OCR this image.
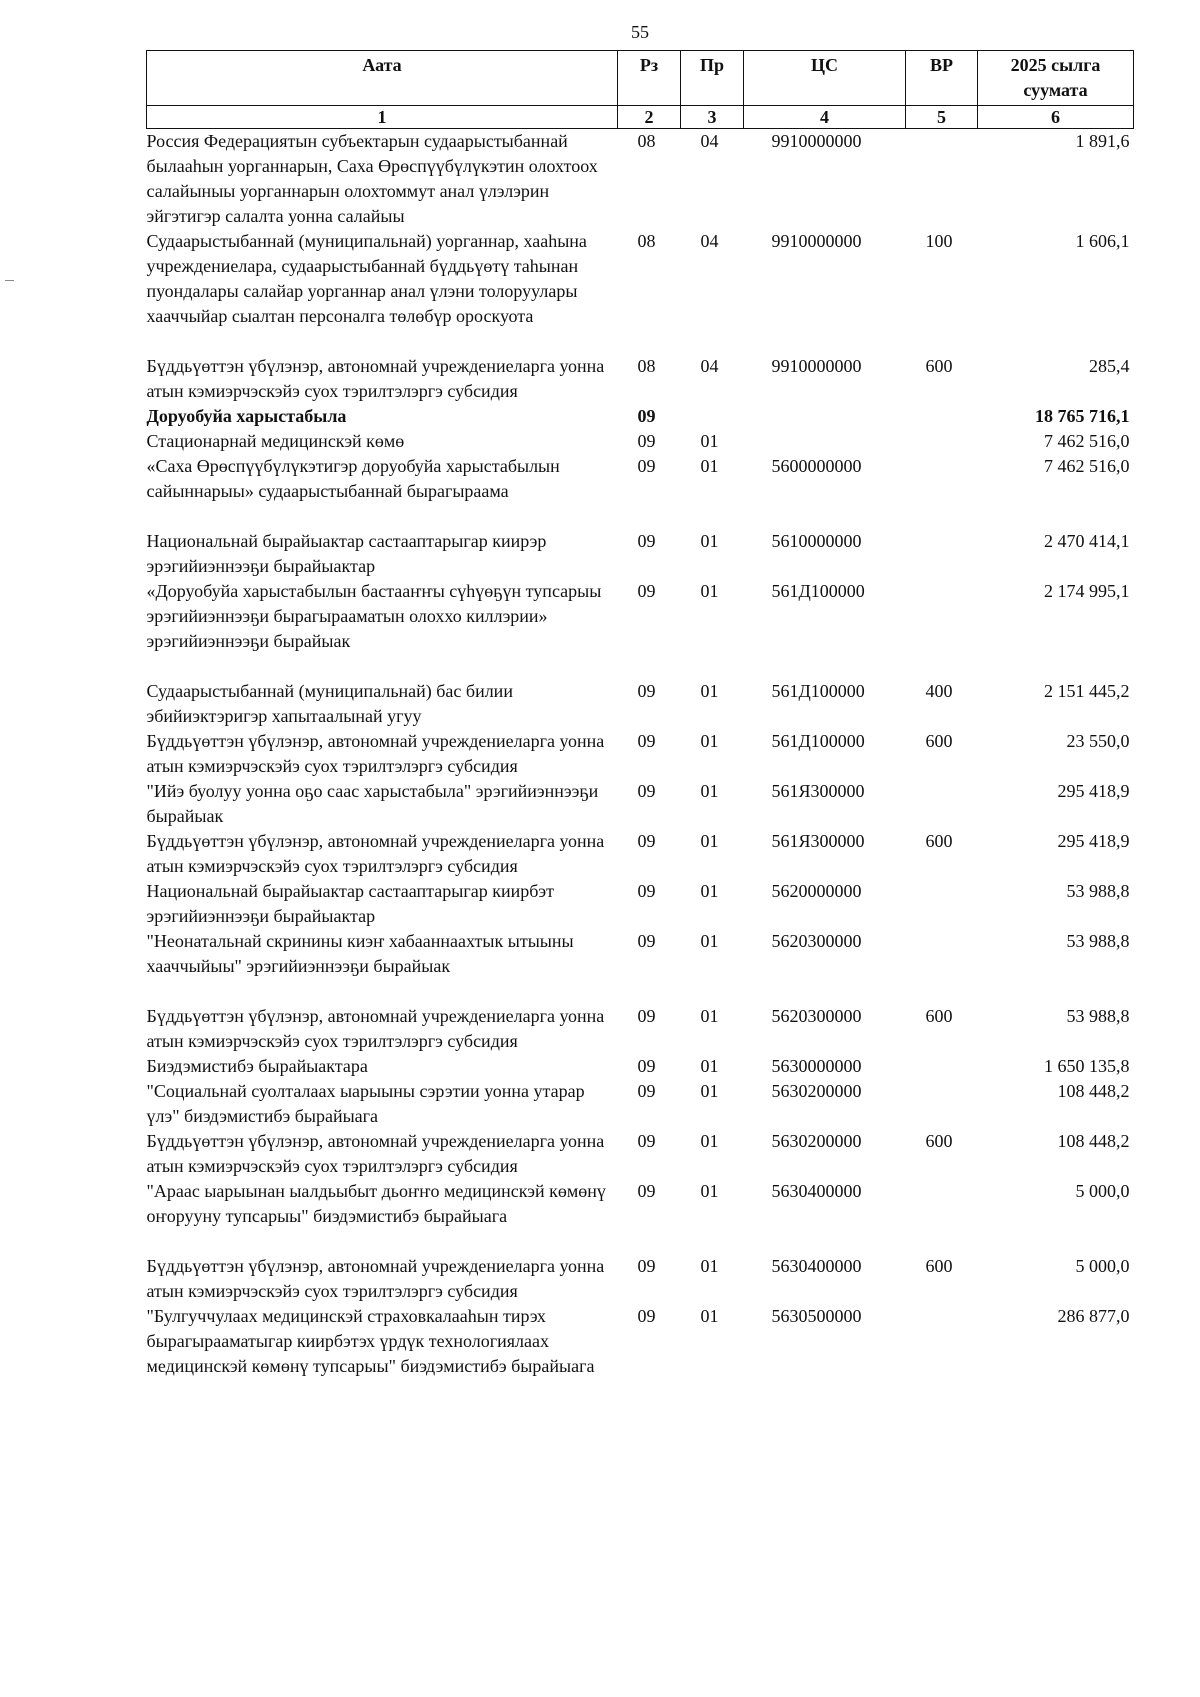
55
Аата	Рз	Пр	ЦС	ВР	2025 сылга суумата
1	2	3	4	5	6
Россия Федерациятын субъектарын судаарыстыбаннай былааһын уорганнарын, Саха Өрөспүүбүлүкэтин олохтоох салайыныы уорганнарын олохтоммут анал үлэлэрин эйгэтигэр салалта уонна салайыы	08	04	9910000000		1 891,6
Судаарыстыбаннай (муниципальнай) уорганнар, хааһына учреждениелара, судаарыстыбаннай бүддьүөтү таһынан пуондалары салайар уорганнар анал үлэни толоруулары хааччыйар сыалтан персоналга төлөбүр ороскуота	08	04	9910000000	100	1 606,1
Бүддьүөттэн үбүлэнэр, автономнай учреждениеларга уонна атын кэмиэрчэскэйэ суох тэрилтэлэргэ субсидия	08	04	9910000000	600	285,4
Доруобуйа харыстабыла	09				18 765 716,1
Стационарнай медицинскэй көмө	09	01			7 462 516,0
«Саха Өрөспүүбүлүкэтигэр доруобуйа харыстабылын сайыннарыы» судаарыстыбаннай бырагыраама	09	01	5600000000		7 462 516,0
Национальнай бырайыактар састааптарыгар киирэр эрэгийиэннээҕи бырайыактар	09	01	5610000000		2 470 414,1
«Доруобуйа харыстабылын бастааҥҥы сүһүөҕүн тупсарыы эрэгийиэннээҕи бырагырааматын олоххо киллэрии» эрэгийиэннээҕи бырайыак	09	01	561Д100000		2 174 995,1
Судаарыстыбаннай (муниципальнай) бас билии эбийиэктэригэр хапытаалынай угуу	09	01	561Д100000	400	2 151 445,2
Бүддьүөттэн үбүлэнэр, автономнай учреждениеларга уонна атын кэмиэрчэскэйэ суох тэрилтэлэргэ субсидия	09	01	561Д100000	600	23 550,0
"Ийэ буолуу уонна оҕо саас харыстабыла" эрэгийиэннээҕи бырайыак	09	01	561Я300000		295 418,9
Бүддьүөттэн үбүлэнэр, автономнай учреждениеларга уонна атын кэмиэрчэскэйэ суох тэрилтэлэргэ субсидия	09	01	561Я300000	600	295 418,9
Национальнай бырайыактар састааптарыгар киирбэт эрэгийиэннээҕи бырайыактар	09	01	5620000000		53 988,8
"Неонатальнай скринины киэҥ хабааннаахтык ытыыны хааччыйыы" эрэгийиэннээҕи бырайыак	09	01	5620300000		53 988,8
Бүддьүөттэн үбүлэнэр, автономнай учреждениеларга уонна атын кэмиэрчэскэйэ суох тэрилтэлэргэ субсидия	09	01	5620300000	600	53 988,8
Биэдэмистибэ бырайыактара	09	01	5630000000		1 650 135,8
"Социальнай суолталаах ыарыыны сэрэтии уонна утарар үлэ" биэдэмистибэ бырайыага	09	01	5630200000		108 448,2
Бүддьүөттэн үбүлэнэр, автономнай учреждениеларга уонна атын кэмиэрчэскэйэ суох тэрилтэлэргэ субсидия	09	01	5630200000	600	108 448,2
"Араас ыарыынан ыалдьыбыт дьоҥҥо медицинскэй көмөнү оҥорууну тупсарыы" биэдэмистибэ бырайыага	09	01	5630400000		5 000,0
Бүддьүөттэн үбүлэнэр, автономнай учреждениеларга уонна атын кэмиэрчэскэйэ суох тэрилтэлэргэ субсидия	09	01	5630400000	600	5 000,0
"Булгуччулаах медицинскэй страховкалааһын тирэх бырагырааматыгар киирбэтэх үрдүк технологиялаах медицинскэй көмөнү тупсарыы" биэдэмистибэ бырайыага	09	01	5630500000		286 877,0
